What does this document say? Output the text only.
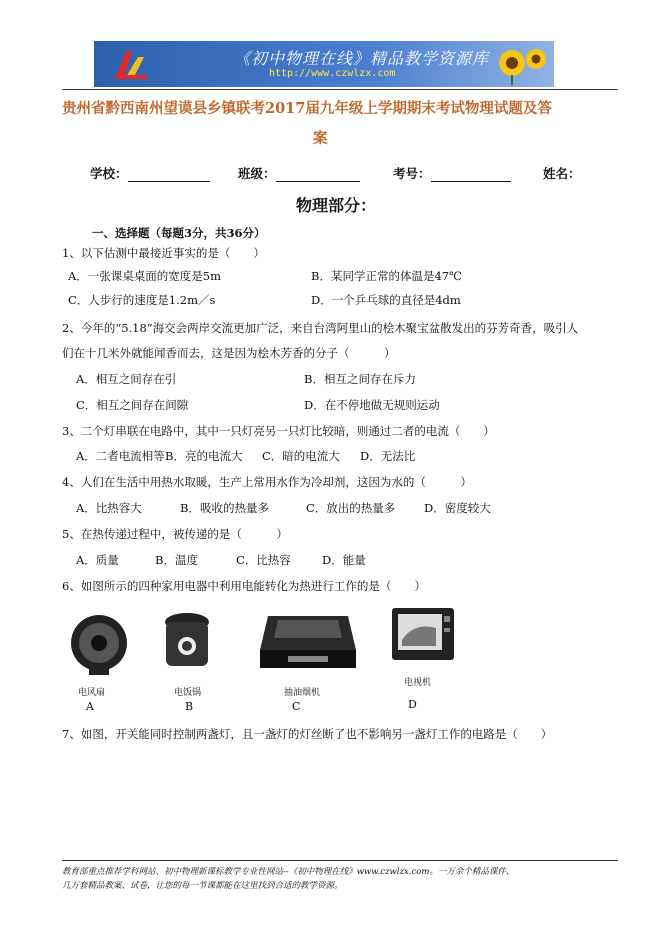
《初中物理在线》精品教学资源库
http://www.czwlzx.com
贵州省黔西南州望谟县乡镇联考2017届九年级上学期期末考试物理试题及答
案
学校：	班级：	考号：	姓名：
物理部分：
一、选择题（每题3分，共36分）
1、以下估测中最接近事实的是（　　）
A．一张课桌桌面的宽度是5m	B．某同学正常的体温是47℃
C．人步行的速度是1.2m／s	D．一个乒乓球的直径是4dm
2、今年的“5.18”海交会两岸交流更加广泛，来自台湾阿里山的桧木聚宝盆散发出的芬芳奇香，吸引人
们在十几米外就能闻香而去，这是因为桧木芳香的分子（　　　）
A．相互之间存在引	B．相互之间存在斥力
C．相互之间存在间隙	D．在不停地做无规则运动
3、二个灯串联在电路中，其中一只灯亮另一只灯比较暗，则通过二者的电流（　　）
A．二者电流相等 B．亮的电流大 C．暗的电流大 D．无法比
4、人们在生活中用热水取暖，生产上常用水作为冷却剂，这因为水的（　　　）
A．比热容大	B．吸收的热量多	C．放出的热量多 D．密度较大
5、在热传递过程中，被传递的是（　　　）
A．质量	B．温度	C．比热容	D．能量
6、如图所示的四种家用电器中利用电能转化为热进行工作的是（　　）
电风扇
A
电饭锅
B
抽油烟机
C
电视机
D
7、如图，开关能同时控制两盏灯，且一盏灯的灯丝断了也不影响另一盏灯工作的电路是（　　）
教育部重点推荐学科网站、初中物理新课标教学专业性网站--《初中物理在线》www.czwlzx.com。一万余个精品课件、
几万套精品教案、试卷，让您的每一节课都能在这里找到合适的教学资源。
